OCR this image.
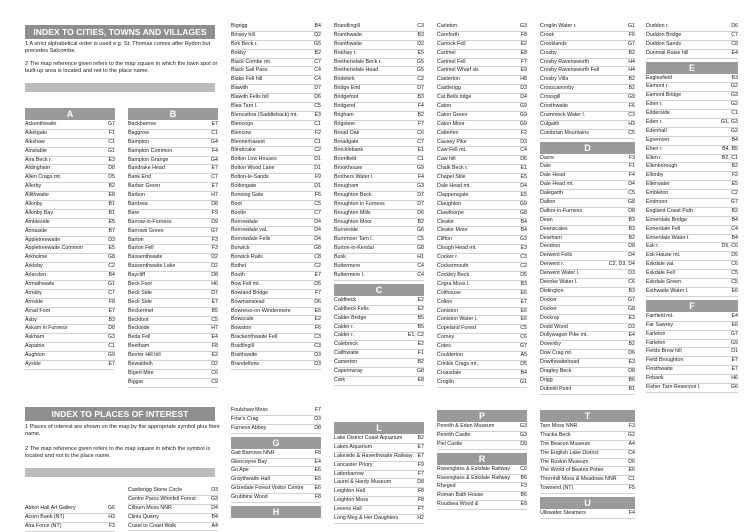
INDEX TO CITIES, TOWNS AND VILLAGES
1 A strict alphabetical order is used e.g. St. Thomas comes after Rydon but precedes Salcombe.
2 The map reference given refers to the map square in which the town spot or built-up area is located and not to the place name.
A
Ackenthwaite	G7
Aiketgate	F1
Aikshaw	C1
Ainstable	G1
Aira Beck r.	E3
Aldingham	D8
Allen Crags mt.	D5
Allerby	B2
Allithwaite	E8
Allonby	B1
Allonby Bay	B1
Ambleside	E5
Annaside	B7
Appletreewaite	D3
Appletreewaite Common	E5
Arkholme	G8
Arkleby	C2
Arlecdon	B4
Armathwaite	G1
Arnaby	C7
Arnside	F8
Arrad Foot	E7
Asby	B3
Askam in Furness	D8
Askham	G3
Aspatria	C1
Aughton	G9
Ayside	E7
B
Backbarrow	E7
Baggrow	C1
Bampton	G4
Bampton Common	F4
Bampton Grange	G4
Bandrake Head	E7
Bank End	C7
Barber Green	E7
Barbon	H7
Bardsea	D8
Bare	F9
Barrow-in-Furness	D9
Barrows Green	G7
Barton	F3
Barton Fell	F3
Bassenthwaite	D2
Bassenthwaite Lake	D2
Baycliff	D8
Beck Foot	H6
Beck Side	D7
Beck Side	E7
Beckermet	B5
Beckfoot	C5
Beckside	H7
Beda Fell	E4
Beetham	F8
Berrier Hill hill	E2
Bewaldeth	D2
Bigert Mire	C6
Biggar	C9
Bigrigg	B4
Binsey hill	D2
Birk Beck r.	G5
Birkby	B2
Black Combe mt.	C7
Black Sail Pass	C4
Blake Fell hill	C4
Blawith	D7
Blawith Fells hill	D6
Blea Tarn l.	C5
Blencathra (Saddleback) mt.	E3
Blencogo	C1
Blencow	F2
Blennerhasset	C1
Blindcrake	C2
Bolton Low Houses	D1
Bolton Wood Lane	D1
Bolton-le-Sands	F9
Boltongate	D1
Bonning Gate	F6
Boot	C5
Bootle	C7
Borrowdale	D4
Borrowdale val.	D4
Borrowdale Fells	D4
Borwick	G8
Borwick Rails	C8
Bothel	C2
Bouth	E7
Bow Fell mt.	D5
Bowland Bridge	F7
Bowmanstead	D6
Bowness-on-Windermere	E6
Bowscale	E2
Bowston	F6
Brackenthwaite Fell	C3
Bradlingill	C3
Braithwaite	D3
Brandelhow	D3
Brandlingill	C3
Branthwaite	B3
Branthwaite	D2
Brathay r.	E5
Brethersdale Beck r.	G5
Brethersdale Head	G5
Bridekirk	C2
Bridge End	D7
Bridgefoot	B3
Bridgend	F4
Brigham	B2
Brigsteer	F7
Broad Oak	C6
Broadgate	C7
Brocklebank	E1
Bromfield	C1
Brookhouse	G9
Brothers Water l.	F4
Brougham	G3
Broughton Beck	D7
Broughton in Furness	D7
Broughton Mills	D6
Broughton Moor	B2
Burneside	G6
Burnmoor Tarn l.	C5
Burton-in-Kendal	G8
Busk	H1
Buttermere	C4
Buttermere l.	C4
C
Caldbeck	E2
Caldbeck Fells	E2
Calder Bridge	B5
Calder r.	B5
Calder r.	E1, C2
Calebreck	E2
Calthwaite	F1
Camerton	B2
Capernwray	G8
Cark	E8
Carleton	G3
Carnforth	F8
Carrock Fell	E2
Cartmel	E8
Cartmel Fell	F7
Cartmel Wharf sb.	E9
Casterton	H8
Castlerigg	D3
Cat Bells ridge	D4
Caton	G9
Caton Green	G9
Caton Moor	G9
Catterlen	F2
Causey Pike	D3
Caw Fell mt.	C4
Caw hill	D6
Chalk Beck r.	E1
Chapel Stile	E5
Dale Head mt.	D4
Clappersgate	E5
Claughton	G9
Clawthorpe	G8
Cleator	B4
Cleator Moor	B4
Clifton	G3
Clough Head mt.	E3
Cocker r.	C3
Cockermouth	C2
Cockley Beck	D5
Cogra Moss l.	B3
Colthouse	E6
Colton	E7
Coniston	E6
Coniston Water l.	E6
Copeland Forest	C5
Corney	C6
Cotes	G7
Coulderton	A5
Crinkle Crags mt.	D5
Croasdale	B4
Croglin	G1
Croglin Water r.	G1
Crook	F6
Crooklands	G7
Crosby	B2
Crosby Ravensworth	H4
Crosby Ravensworth Fell	H4
Crosby Villa	B2
Crosscanonby	B2
Crossgill	G9
Crosthwaite	F6
Crummock Water l.	C3
Culgaith	H3
Cumbrian Mountains	C5
D
Dacre	F3
Dale	F1
Dale Head	F4
Dale Head mt.	D4
Dalegarth	C5
Dalton	G8
Dalton-in-Furness	D8
Dean	B3
Deanscales	B3
Dearham	B2
Dendron	D8
Derwent Fells	D4
Derwent r.	C2, D3, D4
Derwent Water l.	D3
Devoke Water l.	C6
Distington	B3
Docker	G7
Docker	G8
Dockray	E3
Dodd Wood	D3
Dollywagon Pike mt.	E4
Dovenby	B2
Dow Crag mt.	D6
Dowthwaitehead	E3
Dragley Beck	D8
Drigg	B6
Dubmill Point	B1
Duddon r.	D6
Duddon Bridge	C7
Duddon Sands	C8
Dunmail Raise hill	E4
E
Eaglesfield	B3
Eamont r.	G2
Eamont Bridge	G3
Eden r.	G2
Edderside	C1
Eden r.	G1, G3
Edenhall	G2
Egremont	B4
Ehen r.	B4, B5
Ellen r.	B2, C1
Ellenborough	B2
Ellonby	F2
Elterwater	E5
Embleton	C2
Endmoor	G7
England Coast Path	B2
Ennerdale Bridge	B4
Ennerdale Fell	C4
Ennerdale Water l.	B4
Esk r.	D5, C6
Esk Hause mt.	D5
Eskdale val.	C6
Eskdale Fell	C5
Eskdale Green	C5
Esthwaite Water l.	E6
F
Fairfield mt.	E4
Far Sawrey	E6
Farleton	G7
Farleton	G9
Fields Brow hill	D1
Field Broughton	E7
Finsthwaite	E7
Firbank	H6
Fisher Tarn Reservoir l.	G6
INDEX TO PLACES OF INTEREST
1 Places of interest are shown on the map by the appropriate symbol plus their name.
2 The map reference given refers to the map square in which the symbol is located and not to the place name.
Abbot Hall Art Gallery	G6
Acorn Bank (NT)	H3
Aira Force (NT)	F3
Castlerigg Stone Circle	D3
Centre Parcs Whinfell Forest	G3
Cilburn Moss NNR	D4
Clints Quarry	B4
Coast to Coast Walk	A4
Foulshaw Moss	F7
Friar's Crag	D3
Furness Abbey	D8
G
Gait Barrows NNR	F8
Glencoyne Bay	E4
Go Ape	E6
Graythwaite Hall	E6
Grizedale Forest Visitor Centre	E6
Grubbins Wood	F8
H
L
Lake District Coast Aquarium	B2
Lakes Aquarium	E7
Lakeside & Haverthwaite Railway E7
Lancaster Priory	F9
Latterbarrow	F7
Laurel & Hardy Museum	D8
Leighton Hall	F8
Leighton Moss	F8
Levens Hall	F7
Long Meg & Her Daughters	H2
P
Penrith & Eden Museum	G3
Penrith Castle	G3
Piel Castle	D9
R
Ravenglass & Eskdale Railway	C6
Ravenglass & Eskdale Railway	B6
Rheged	F3
Roman Bath House	B6
Roudsea Wood &	E8
T
Tarn Moss NNR	F3
Thacka Beck	G2
The Beacon Museum	A4
The English Lake District	C4
The Ruskin Museum	D6
The World of Beatrix Potter	E6
Thornhill Moss & Meadows NNR	C1
Townend (NT)	F5
U
Ullswater Steamers	F4
